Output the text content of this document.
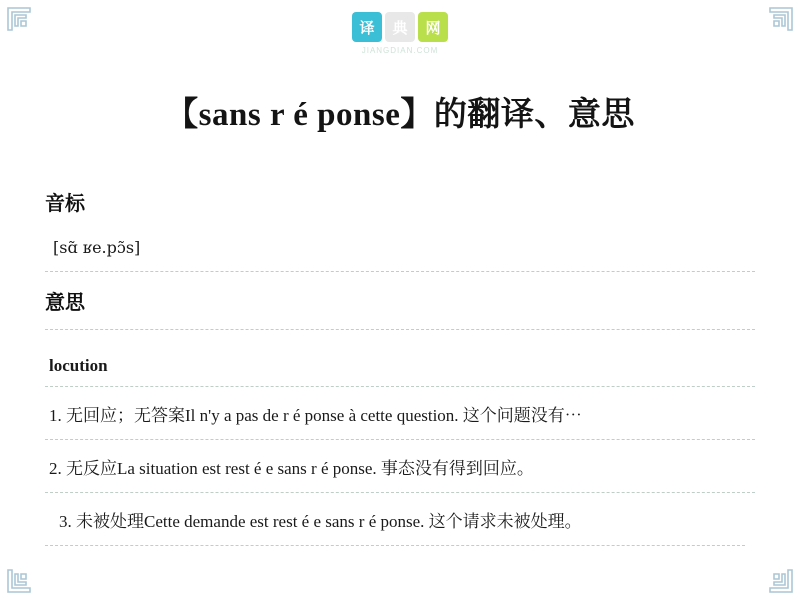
译	典	网
JIANGDIAN.COM
【sans r é ponse】的翻译、意思
音标

[sɑ̃ ʁe.pɔ̃s]

意思

locution

1. 无回应；无答案Il n'y a pas de r é ponse à cette question. 这个问题没有⋯

2. 无反应La situation est rest é e sans r é ponse. 事态没有得到回应。

3. 未被处理Cette demande est rest é e sans r é ponse. 这个请求未被处理。
